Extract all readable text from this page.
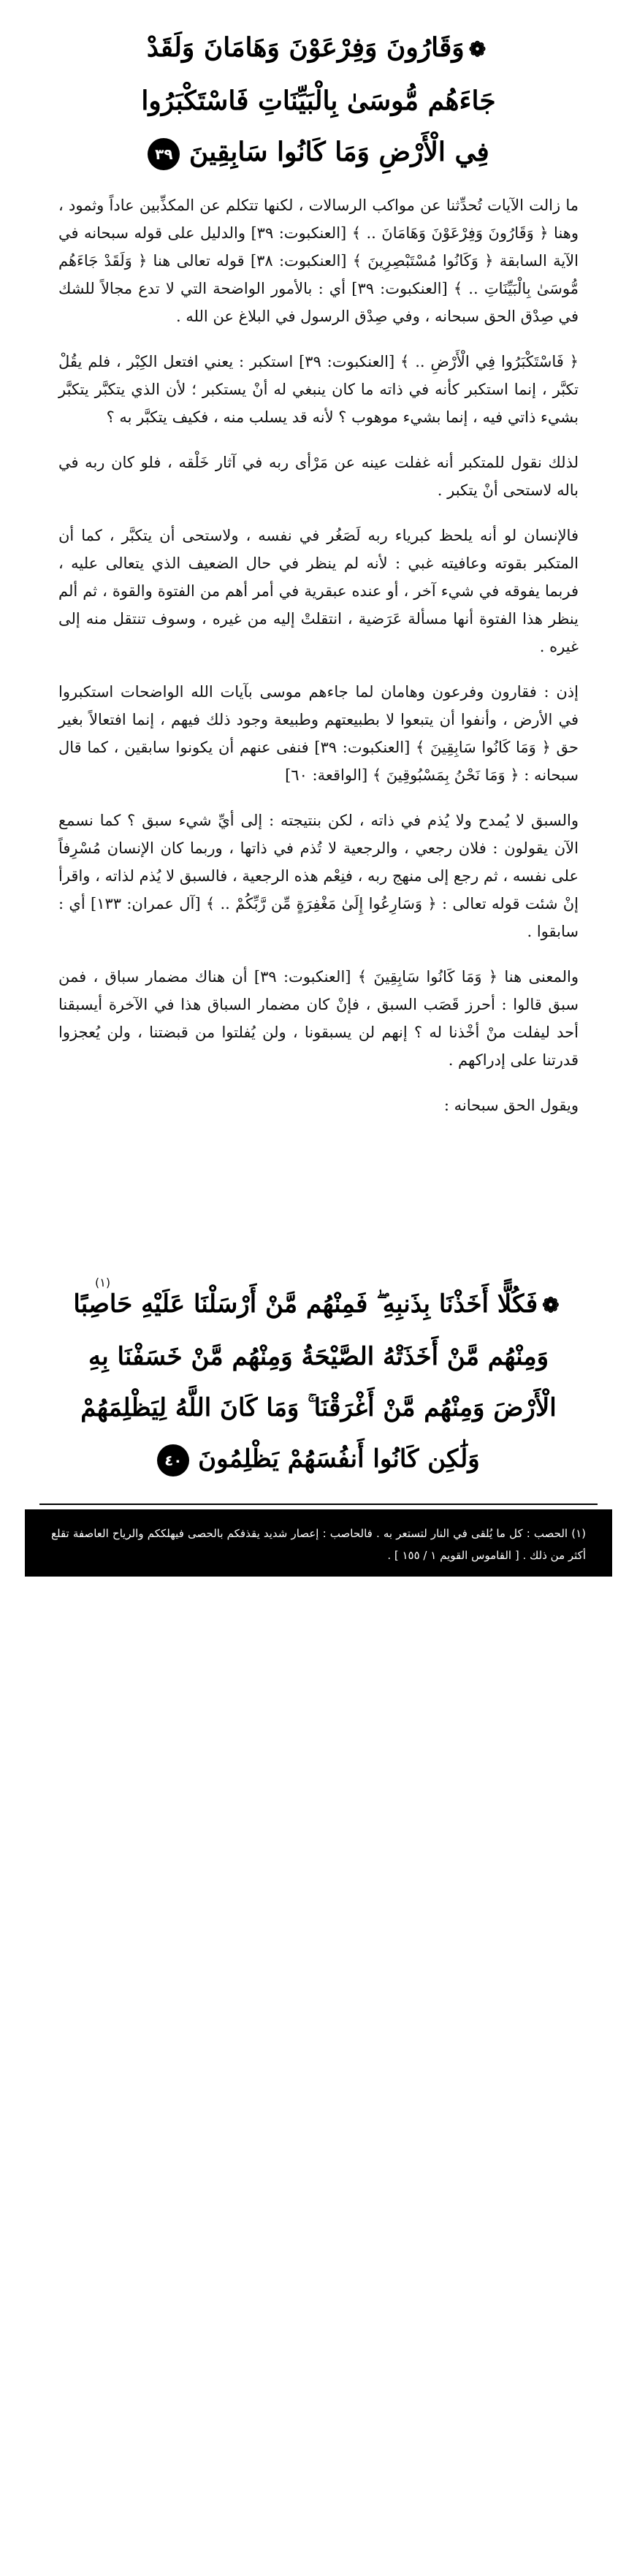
❁وَقَارُونَ وَفِرْعَوْنَ وَهَامَانَ وَلَقَدْ
جَاءَهُم مُّوسَىٰ بِالْبَيِّنَاتِ فَاسْتَكْبَرُوا
فِي الْأَرْضِ وَمَا كَانُوا سَابِقِينَ ٣٩

ما زالت الآيات تُحدِّثنا عن مواكب الرسالات ، لكنها تتكلم عن المكذِّبين عاداً وثمود ، وهنا ﴿ وَقَارُونَ وَفِرْعَوْنَ وَهَامَانَ .. ﴾ [العنكبوت: ٣٩] والدليل على قوله سبحانه في الآية السابقة ﴿ وَكَانُوا مُسْتَبْصِرِينَ ﴾ [العنكبوت: ٣٨] قوله تعالى هنا ﴿ وَلَقَدْ جَاءَهُم مُّوسَىٰ بِالْبَيِّنَاتِ .. ﴾ [العنكبوت: ٣٩] أي : بالأمور الواضحة التي لا تدع مجالاً للشك في صِدْق الحق سبحانه ، وفي صِدْق الرسول في البلاغ عن الله .

﴿ فَاسْتَكْبَرُوا فِي الْأَرْضِ .. ﴾ [العنكبوت: ٣٩] استكبر : يعني افتعل الكِبْر ، فلم يقُلْ تكبَّر ، إنما استكبر كأنه في ذاته ما كان ينبغي له أنْ يستكبر ؛ لأن الذي يتكبَّر يتكبَّر بشيء ذاتي فيه ، إنما بشيء موهوب ؟ لأنه قد يسلب منه ، فكيف يتكبَّر به ؟

لذلك نقول للمتكبر أنه غفلت عينه عن مَرْأى ربه في آثار خَلْقه ، فلو كان ربه في باله لاستحى أنْ يتكبر .

فالإنسان لو أنه يلحظ كبرياء ربه لَصَغُر في نفسه ، ولاستحى أن يتكبَّر ، كما أن المتكبر بقوته وعافيته غبي : لأنه لم ينظر في حال الضعيف الذي يتعالى عليه ، فربما يفوقه في شيء آخر ، أو عنده عبقرية في أمر أهم من الفتوة والقوة ، ثم ألم ينظر هذا الفتوة أنها مسألة عَرَضية ، انتقلتْ إليه من غيره ، وسوف تنتقل منه إلى غيره .

إذن : فقارون وفرعون وهامان لما جاءهم موسى بآيات الله الواضحات استكبروا في الأرض ، وأنفوا أن يتبعوا لا بطبيعتهم وطبيعة وجود ذلك فيهم ، إنما افتعالاً بغير حق ﴿ وَمَا كَانُوا سَابِقِينَ ﴾ [العنكبوت: ٣٩] فنفى عنهم أن يكونوا سابقين ، كما قال سبحانه : ﴿ وَمَا نَحْنُ بِمَسْبُوقِينَ ﴾ [الواقعة: ٦٠]

والسبق لا يُمدح ولا يُذم في ذاته ، لكن بنتيجته : إلى أيِّ شيء سبق ؟ كما نسمع الآن يقولون : فلان رجعي ، والرجعية لا تُذم في ذاتها ، وربما كان الإنسان مُسْرِفاً على نفسه ، ثم رجع إلى منهج ربه ، فنِعْم هذه الرجعية ، فالسبق لا يُذم لذاته ، واقرأ إنْ شئت قوله تعالى : ﴿ وَسَارِعُوا إِلَىٰ مَغْفِرَةٍ مِّن رَّبِّكُمْ .. ﴾ [آل عمران: ١٣٣] أي : سابقوا .

والمعنى هنا ﴿ وَمَا كَانُوا سَابِقِينَ ﴾ [العنكبوت: ٣٩] أن هناك مضمار سباق ، فمن سبق قالوا : أحرز قَصَب السبق ، فإنْ كان مضمار السباق هذا في الآخرة أيسبقنا أحد ليفلت منْ أخْذنا له ؟ إنهم لن يسبقونا ، ولن يُفلتوا من قبضتنا ، ولن يُعجزوا قدرتنا على إدراكهم .

ويقول الحق سبحانه :

(١)
❁فَكُلًّا أَخَذْنَا بِذَنبِهِ ۖ فَمِنْهُم مَّنْ أَرْسَلْنَا عَلَيْهِ حَاصِبًا
وَمِنْهُم مَّنْ أَخَذَتْهُ الصَّيْحَةُ وَمِنْهُم مَّنْ خَسَفْنَا بِهِ
الْأَرْضَ وَمِنْهُم مَّنْ أَغْرَقْنَا ۚ وَمَا كَانَ اللَّهُ لِيَظْلِمَهُمْ
وَلَٰكِن كَانُوا أَنفُسَهُمْ يَظْلِمُونَ ٤٠
(١) الحصب : كل ما يُلقى في النار لتستعر به . فالحاصب : إعصار شديد يقذفكم بالحصى فيهلككم والرياح العاصفة تقلع أكثر من ذلك . [ القاموس القويم ١ / ١٥٥ ] .
